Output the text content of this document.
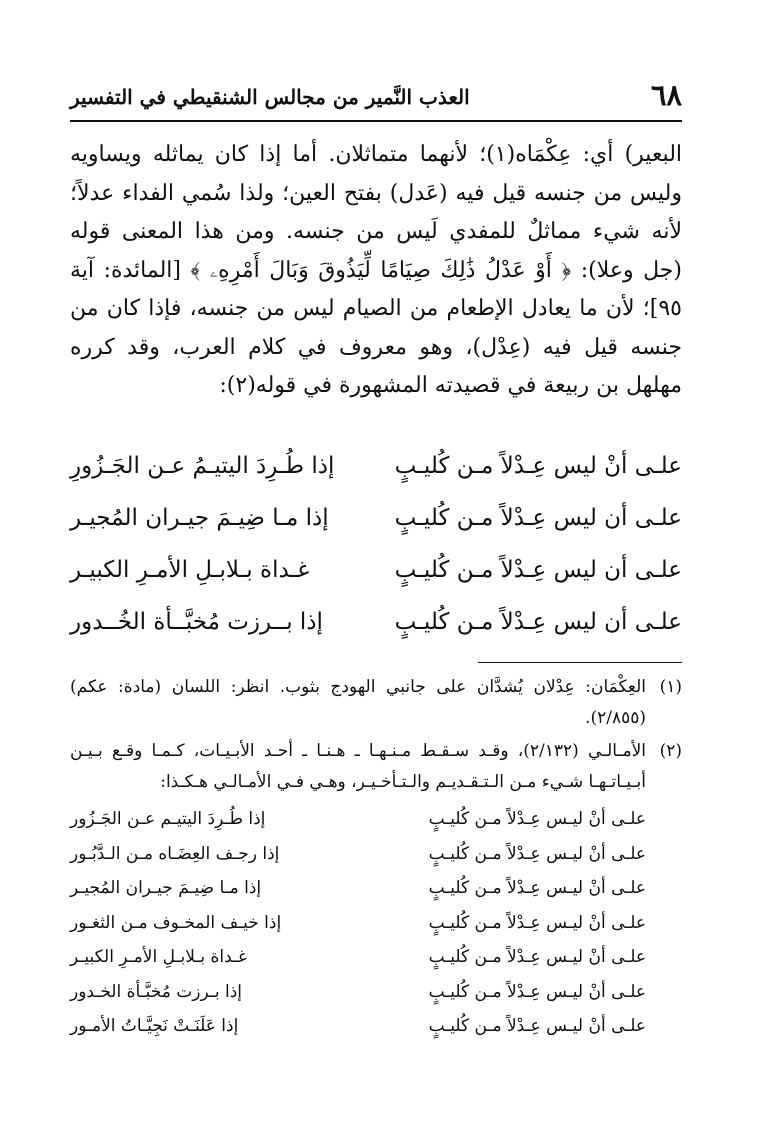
٦٨
العذب النَّمير من مجالس الشنقيطي في التفسير

البعير) أي: عِكْمَاه(١)؛ لأنهما متماثلان. أما إذا كان يماثله ويساويه وليس من جنسه قيل فيه (عَدل) بفتح العين؛ ولذا سُمي الفداء عدلاً؛ لأنه شيء مماثلٌ للمفدي لَيس من جنسه. ومن هذا المعنى قوله (جل وعلا): ﴿ أَوْ عَدْلُ ذَٰلِكَ صِيَامًا لِّيَذُوقَ وَبَالَ أَمْرِهِۦ ﴾ [المائدة: آية ٩٥]؛ لأن ما يعادل الإطعام من الصيام ليس من جنسه، فإذا كان من جنسه قيل فيه (عِدْل)، وهو معروف في كلام العرب، وقد كرره مهلهل بن ربيعة في قصيدته المشهورة في قوله(٢):

علـى أنْ ليس عِـدْلاً مـن كُليـبٍ
إذا طُـرِدَ اليتيـمُ عـن الجَـزُورِ
علـى أن ليس عِـدْلاً مـن كُليـبٍ
إذا مـا ضِيـمَ جيـران المُجيـر
علـى أن ليس عِـدْلاً مـن كُليـبٍ
غـداة بـلابـلِ الأمـرِ الكبيـر
علـى أن ليس عِـدْلاً مـن كُليـبٍ
إذا بــرزت مُخبَّــأة الخُــدور
(١)
العِكْمَان: عِدْلان يُشدَّان على جانبي الهودج بثوب. انظر: اللسان (مادة: عكم) (٢/٨٥٥).
(٢)
الأمـالـي (٢/١٣٢)، وقـد سـقـط مـنـهـا ـ هـنـا ـ أحـد الأبـيـات، كـمـا وقـع بـيـن أبـيـاتـهـا شـيء مـن الـتـقـديـم والـتـأخـيـر، وهـي فـي الأمـالـي هـكـذا:
علـى أنْ ليـس عِـدْلاً مـن كُليـبٍ
إذا طُـرِدَ اليتيـم عـن الجَـزُور
علـى أنْ ليـس عِـدْلاً مـن كُليـبٍ
إذا رجـف العِضَـاه مـن الـدَّبُـور
علـى أنْ ليـس عِـدْلاً مـن كُليـبٍ
إذا مـا ضِيـمَ جيـران المُجيـر
علـى أنْ ليـس عِـدْلاً مـن كُليـبٍ
إذا خيـف المخـوف مـن الثغـور
علـى أنْ ليـس عِـدْلاً مـن كُليـبٍ
غـداة بـلابـلِ الأمـرِ الكبيـر
علـى أنْ ليـس عِـدْلاً مـن كُليـبٍ
إذا بـرزت مُخبَّـأة الخـدور
علـى أنْ ليـس عِـدْلاً مـن كُليـبٍ
إذا عَلَنَـتْ نَجِيَّـاتُ الأمـور
